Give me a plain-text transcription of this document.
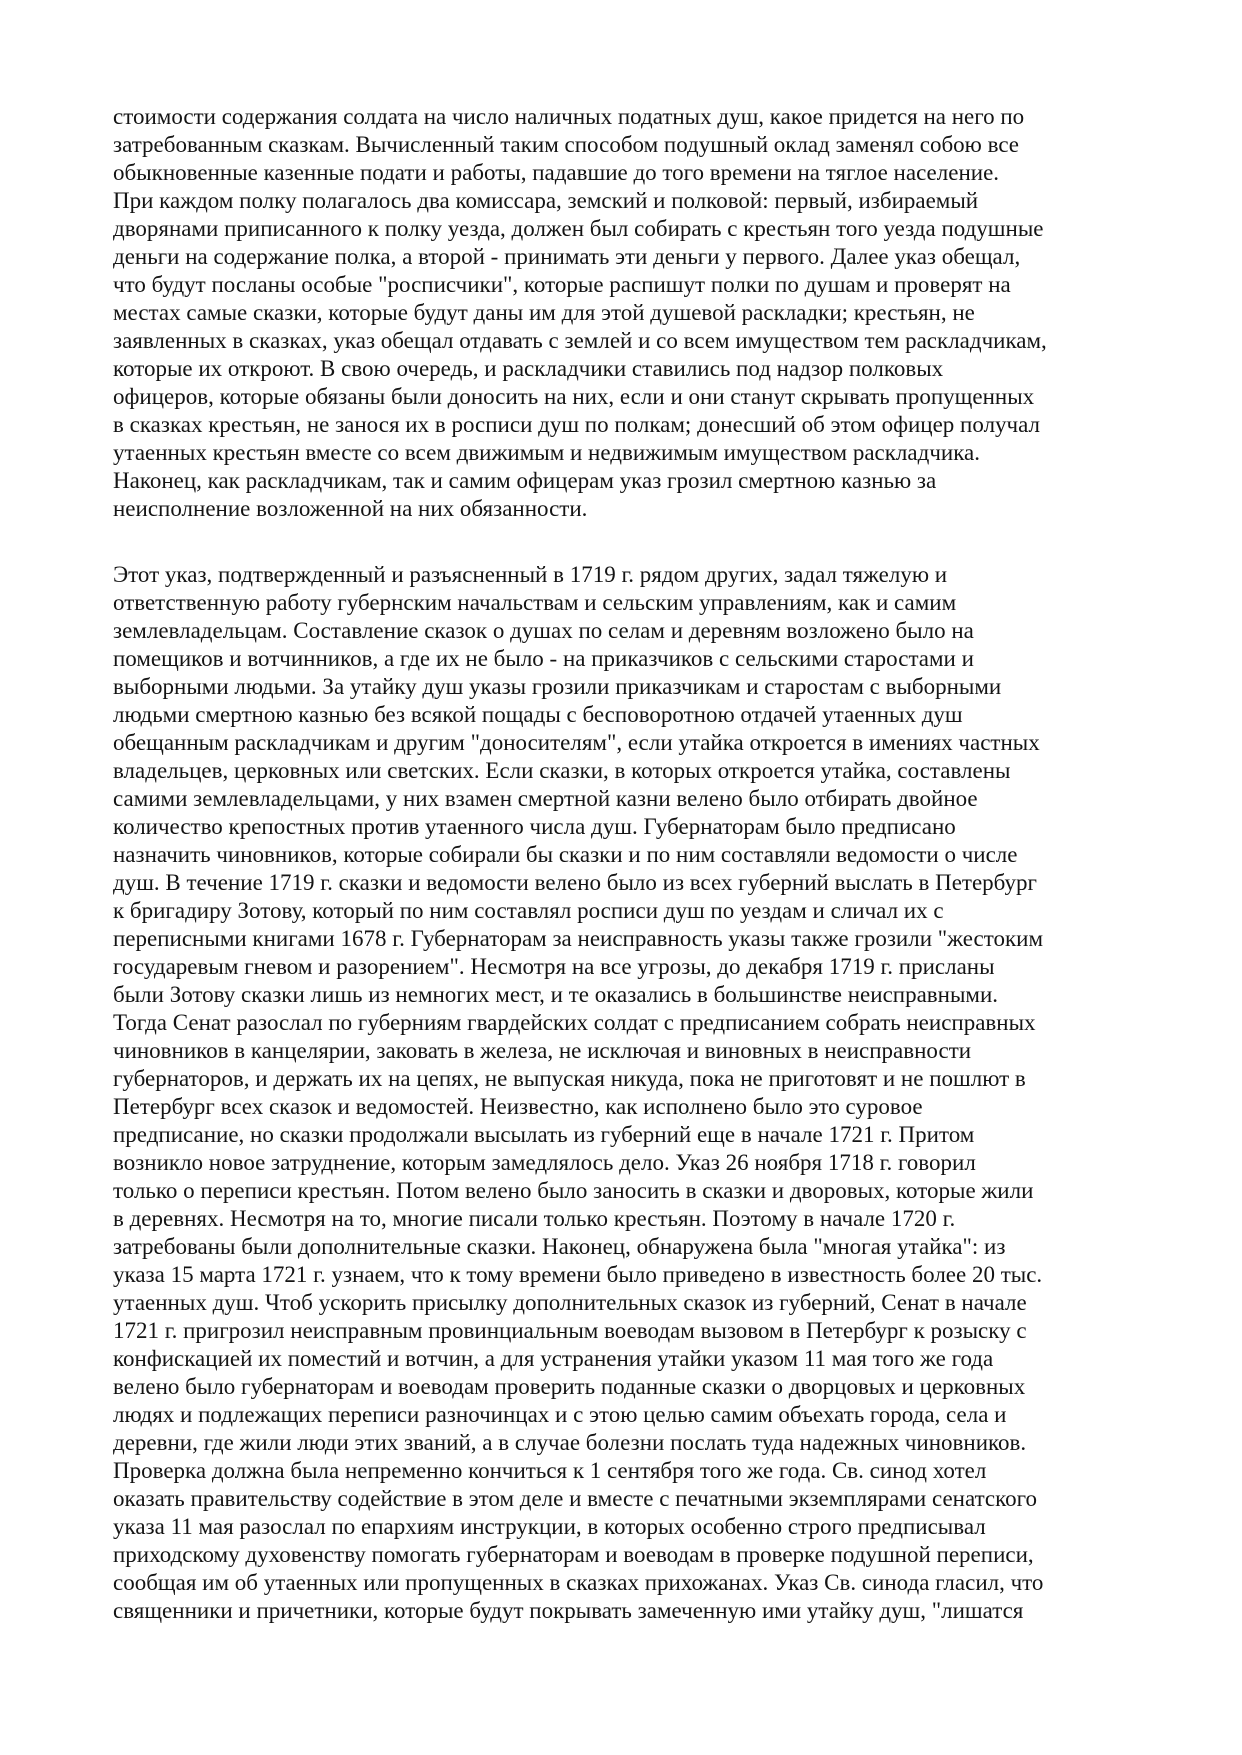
стоимости содержания солдата на число наличных податных душ, какое придется на него по
затребованным сказкам. Вычисленный таким способом подушный оклад заменял собою все
обыкновенные казенные подати и работы, падавшие до того времени на тяглое население.
При каждом полку полагалось два комиссара, земский и полковой: первый, избираемый
дворянами приписанного к полку уезда, должен был собирать с крестьян того уезда подушные
деньги на содержание полка, а второй - принимать эти деньги у первого. Далее указ обещал,
что будут посланы особые "росписчики", которые распишут полки по душам и проверят на
местах самые сказки, которые будут даны им для этой душевой раскладки; крестьян, не
заявленных в сказках, указ обещал отдавать с землей и со всем имуществом тем раскладчикам,
которые их откроют. В свою очередь, и раскладчики ставились под надзор полковых
офицеров, которые обязаны были доносить на них, если и они станут скрывать пропущенных
в сказках крестьян, не занося их в росписи душ по полкам; донесший об этом офицер получал
утаенных крестьян вместе со всем движимым и недвижимым имуществом раскладчика.
Наконец, как раскладчикам, так и самим офицерам указ грозил смертною казнью за
неисполнение возложенной на них обязанности.
Этот указ, подтвержденный и разъясненный в 1719 г. рядом других, задал тяжелую и
ответственную работу губернским начальствам и сельским управлениям, как и самим
землевладельцам. Составление сказок о душах по селам и деревням возложено было на
помещиков и вотчинников, а где их не было - на приказчиков с сельскими старостами и
выборными людьми. За утайку душ указы грозили приказчикам и старостам с выборными
людьми смертною казнью без всякой пощады с бесповоротною отдачей утаенных душ
обещанным раскладчикам и другим "доносителям", если утайка откроется в имениях частных
владельцев, церковных или светских. Если сказки, в которых откроется утайка, составлены
самими землевладельцами, у них взамен смертной казни велено было отбирать двойное
количество крепостных против утаенного числа душ. Губернаторам было предписано
назначить чиновников, которые собирали бы сказки и по ним составляли ведомости о числе
душ. В течение 1719 г. сказки и ведомости велено было из всех губерний выслать в Петербург
к бригадиру Зотову, который по ним составлял росписи душ по уездам и сличал их с
переписными книгами 1678 г. Губернаторам за неисправность указы также грозили "жестоким
государевым гневом и разорением". Несмотря на все угрозы, до декабря 1719 г. присланы
были Зотову сказки лишь из немногих мест, и те оказались в большинстве неисправными.
Тогда Сенат разослал по губерниям гвардейских солдат с предписанием собрать неисправных
чиновников в канцелярии, заковать в железа, не исключая и виновных в неисправности
губернаторов, и держать их на цепях, не выпуская никуда, пока не приготовят и не пошлют в
Петербург всех сказок и ведомостей. Неизвестно, как исполнено было это суровое
предписание, но сказки продолжали высылать из губерний еще в начале 1721 г. Притом
возникло новое затруднение, которым замедлялось дело. Указ 26 ноября 1718 г. говорил
только о переписи крестьян. Потом велено было заносить в сказки и дворовых, которые жили
в деревнях. Несмотря на то, многие писали только крестьян. Поэтому в начале 1720 г.
затребованы были дополнительные сказки. Наконец, обнаружена была "многая утайка": из
указа 15 марта 1721 г. узнаем, что к тому времени было приведено в известность более 20 тыс.
утаенных душ. Чтоб ускорить присылку дополнительных сказок из губерний, Сенат в начале
1721 г. пригрозил неисправным провинциальным воеводам вызовом в Петербург к розыску с
конфискацией их поместий и вотчин, а для устранения утайки указом 11 мая того же года
велено было губернаторам и воеводам проверить поданные сказки о дворцовых и церковных
людях и подлежащих переписи разночинцах и с этою целью самим объехать города, села и
деревни, где жили люди этих званий, а в случае болезни послать туда надежных чиновников.
Проверка должна была непременно кончиться к 1 сентября того же года. Св. синод хотел
оказать правительству содействие в этом деле и вместе с печатными экземплярами сенатского
указа 11 мая разослал по епархиям инструкции, в которых особенно строго предписывал
приходскому духовенству помогать губернаторам и воеводам в проверке подушной переписи,
сообщая им об утаенных или пропущенных в сказках прихожанах. Указ Св. синода гласил, что
священники и причетники, которые будут покрывать замеченную ими утайку душ, "лишатся
